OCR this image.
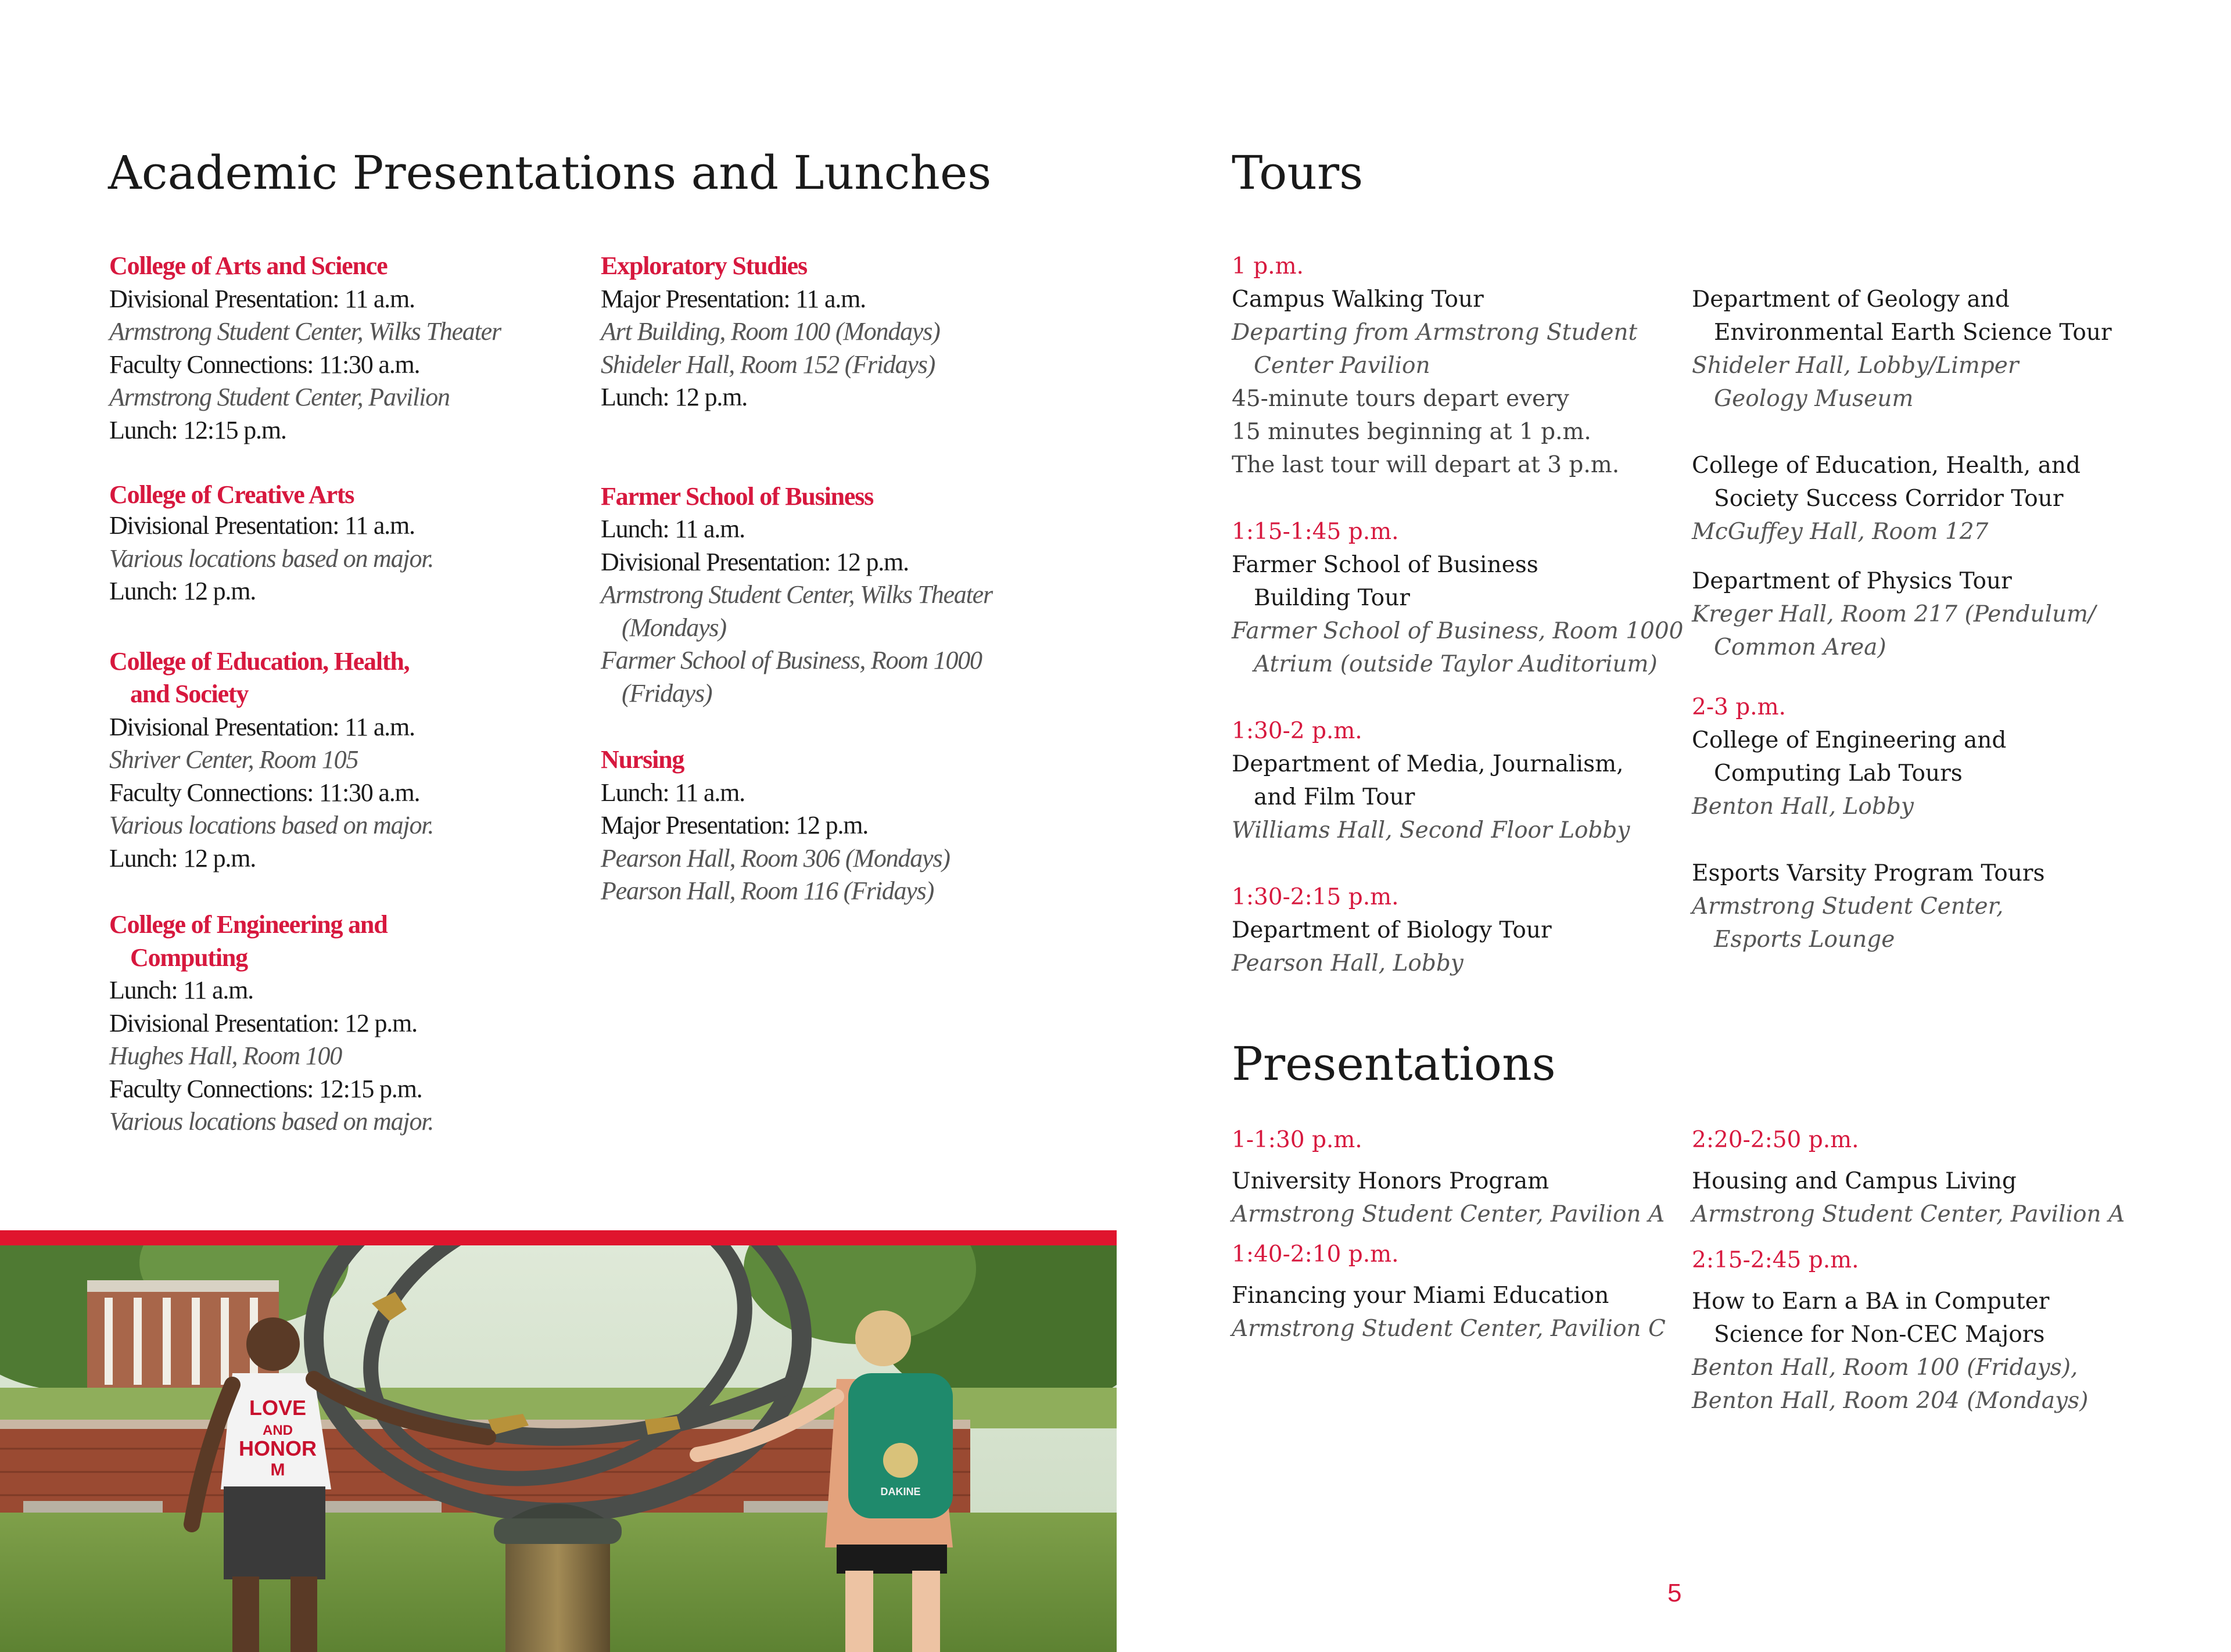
Academic Presentations and Lunches
College of Arts and Science
Divisional Presentation: 11 a.m.
Armstrong Student Center, Wilks Theater
Faculty Connections: 11:30 a.m.
Armstrong Student Center, Pavilion
Lunch: 12:15 p.m.
College of Creative Arts
Divisional Presentation: 11 a.m.
Various locations based on major.
Lunch: 12 p.m.
College of Education, Health,
and Society
Divisional Presentation: 11 a.m.
Shriver Center, Room 105
Faculty Connections: 11:30 a.m.
Various locations based on major.
Lunch: 12 p.m.
College of Engineering and
Computing
Lunch: 11 a.m.
Divisional Presentation: 12 p.m.
Hughes Hall, Room 100
Faculty Connections: 12:15 p.m.
Various locations based on major.
Exploratory Studies
Major Presentation: 11 a.m.
Art Building, Room 100 (Mondays)
Shideler Hall, Room 152 (Fridays)
Lunch: 12 p.m.
Farmer School of Business
Lunch: 11 a.m.
Divisional Presentation: 12 p.m.
Armstrong Student Center, Wilks Theater
(Mondays)
Farmer School of Business, Room 1000
(Fridays)
Nursing
Lunch: 11 a.m.
Major Presentation: 12 p.m.
Pearson Hall, Room 306 (Mondays)
Pearson Hall, Room 116 (Fridays)
Tours
1 p.m.
Campus Walking Tour
Departing from Armstrong Student
Center Pavilion
45-minute tours depart every
15 minutes beginning at 1 p.m.
The last tour will depart at 3 p.m.
1:15-1:45 p.m.
Farmer School of Business
Building Tour
Farmer School of Business, Room 1000
Atrium (outside Taylor Auditorium)
1:30-2 p.m.
Department of Media, Journalism,
and Film Tour
Williams Hall, Second Floor Lobby
1:30-2:15 p.m.
Department of Biology Tour
Pearson Hall, Lobby
Department of Geology and
Environmental Earth Science Tour
Shideler Hall, Lobby/Limper
Geology Museum
College of Education, Health, and
Society Success Corridor Tour
McGuffey Hall, Room 127
Department of Physics Tour
Kreger Hall, Room 217 (Pendulum/
Common Area)
2-3 p.m.
College of Engineering and
Computing Lab Tours
Benton Hall, Lobby
Esports Varsity Program Tours
Armstrong Student Center,
Esports Lounge
Presentations
1-1:30 p.m.
University Honors Program
Armstrong Student Center, Pavilion A
1:40-2:10 p.m.
Financing your Miami Education
Armstrong Student Center, Pavilion C
2:20-2:50 p.m.
Housing and Campus Living
Armstrong Student Center, Pavilion A
2:15-2:45 p.m.
How to Earn a BA in Computer
Science for Non-CEC Majors
Benton Hall, Room 100 (Fridays),
Benton Hall, Room 204 (Mondays)
5
LOVE
AND
HONOR
M
DAKINE
